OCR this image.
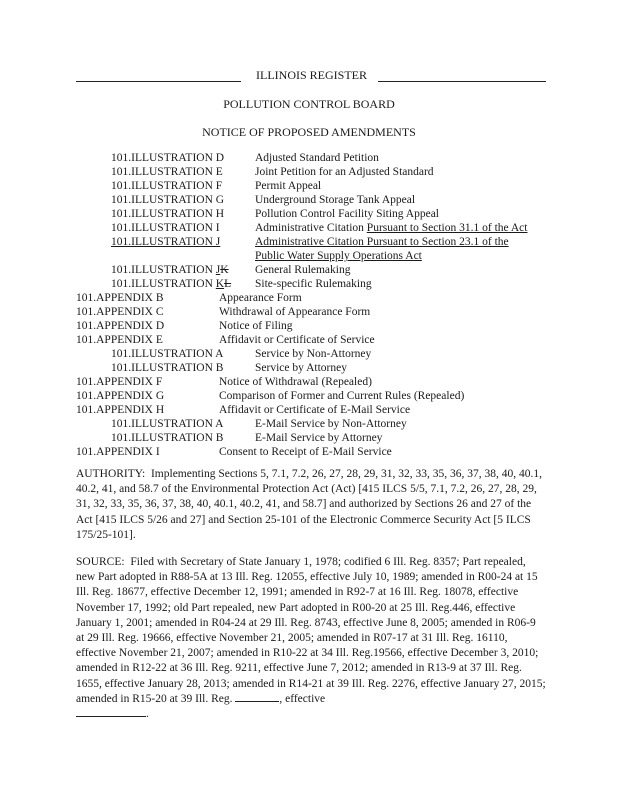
ILLINOIS REGISTER
POLLUTION CONTROL BOARD
NOTICE OF PROPOSED AMENDMENTS
101.ILLUSTRATION D	Adjusted Standard Petition
101.ILLUSTRATION E	Joint Petition for an Adjusted Standard
101.ILLUSTRATION F	Permit Appeal
101.ILLUSTRATION G	Underground Storage Tank Appeal
101.ILLUSTRATION H	Pollution Control Facility Siting Appeal
101.ILLUSTRATION I	Administrative Citation Pursuant to Section 31.1 of the Act
101.ILLUSTRATION J	Administrative Citation Pursuant to Section 23.1 of the
Public Water Supply Operations Act
101.ILLUSTRATION JK General Rulemaking
101.ILLUSTRATION KL Site-specific Rulemaking
101.APPENDIX B	Appearance Form
101.APPENDIX C	Withdrawal of Appearance Form
101.APPENDIX D	Notice of Filing
101.APPENDIX E	Affidavit or Certificate of Service
101.ILLUSTRATION A	Service by Non-Attorney
101.ILLUSTRATION B	Service by Attorney
101.APPENDIX F	Notice of Withdrawal (Repealed)
101.APPENDIX G	Comparison of Former and Current Rules (Repealed)
101.APPENDIX H	Affidavit or Certificate of E-Mail Service
101.ILLUSTRATION A	E-Mail Service by Non-Attorney
101.ILLUSTRATION B	E-Mail Service by Attorney
101.APPENDIX I	Consent to Receipt of E-Mail Service
AUTHORITY: Implementing Sections 5, 7.1, 7.2, 26, 27, 28, 29, 31, 32, 33, 35, 36, 37, 38, 40, 40.1, 40.2, 41, and 58.7 of the Environmental Protection Act (Act) [415 ILCS 5/5, 7.1, 7.2, 26, 27, 28, 29, 31, 32, 33, 35, 36, 37, 38, 40, 40.1, 40.2, 41, and 58.7] and authorized by Sections 26 and 27 of the Act [415 ILCS 5/26 and 27] and Section 25-101 of the Electronic Commerce Security Act [5 ILCS 175/25-101].
SOURCE: Filed with Secretary of State January 1, 1978; codified 6 Ill. Reg. 8357; Part repealed, new Part adopted in R88-5A at 13 Ill. Reg. 12055, effective July 10, 1989; amended in R00-24 at 15 Ill. Reg. 18677, effective December 12, 1991; amended in R92-7 at 16 Ill. Reg. 18078, effective November 17, 1992; old Part repealed, new Part adopted in R00-20 at 25 Ill. Reg.446, effective January 1, 2001; amended in R04-24 at 29 Ill. Reg. 8743, effective June 8, 2005; amended in R06-9 at 29 Ill. Reg. 19666, effective November 21, 2005; amended in R07-17 at 31 Ill. Reg. 16110, effective November 21, 2007; amended in R10-22 at 34 Ill. Reg.19566, effective December 3, 2010; amended in R12-22 at 36 Ill. Reg. 9211, effective June 7, 2012; amended in R13-9 at 37 Ill. Reg. 1655, effective January 28, 2013; amended in R14-21 at 39 Ill. Reg. 2276, effective January 27, 2015; amended in R15-20 at 39 Ill. Reg.	, effective
.
